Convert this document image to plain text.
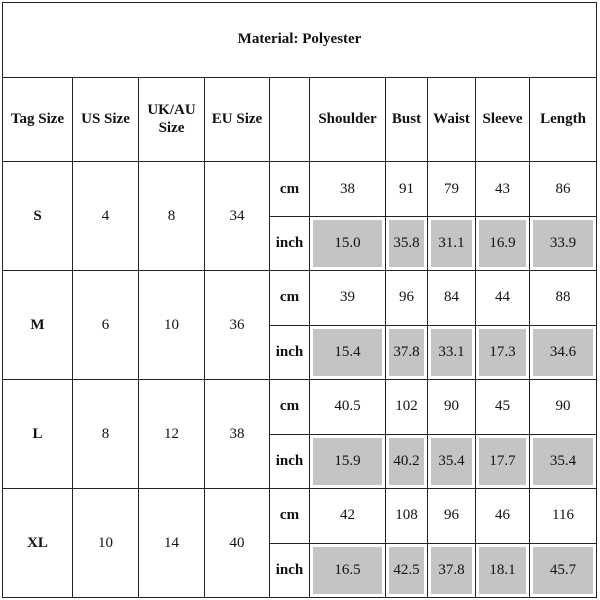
Material: Polyester									
Tag Size	US Size	UK/AU Size	EU Size		Shoulder	Bust	Waist	Sleeve	Length
S	4	8	34	cm	38	91	79	43	86
				inch	15.0	35.8	31.1	16.9	33.9
M	6	10	36	cm	39	96	84	44	88
				inch	15.4	37.8	33.1	17.3	34.6
L	8	12	38	cm	40.5	102	90	45	90
				inch	15.9	40.2	35.4	17.7	35.4
XL	10	14	40	cm	42	108	96	46	116
				inch	16.5	42.5	37.8	18.1	45.7
